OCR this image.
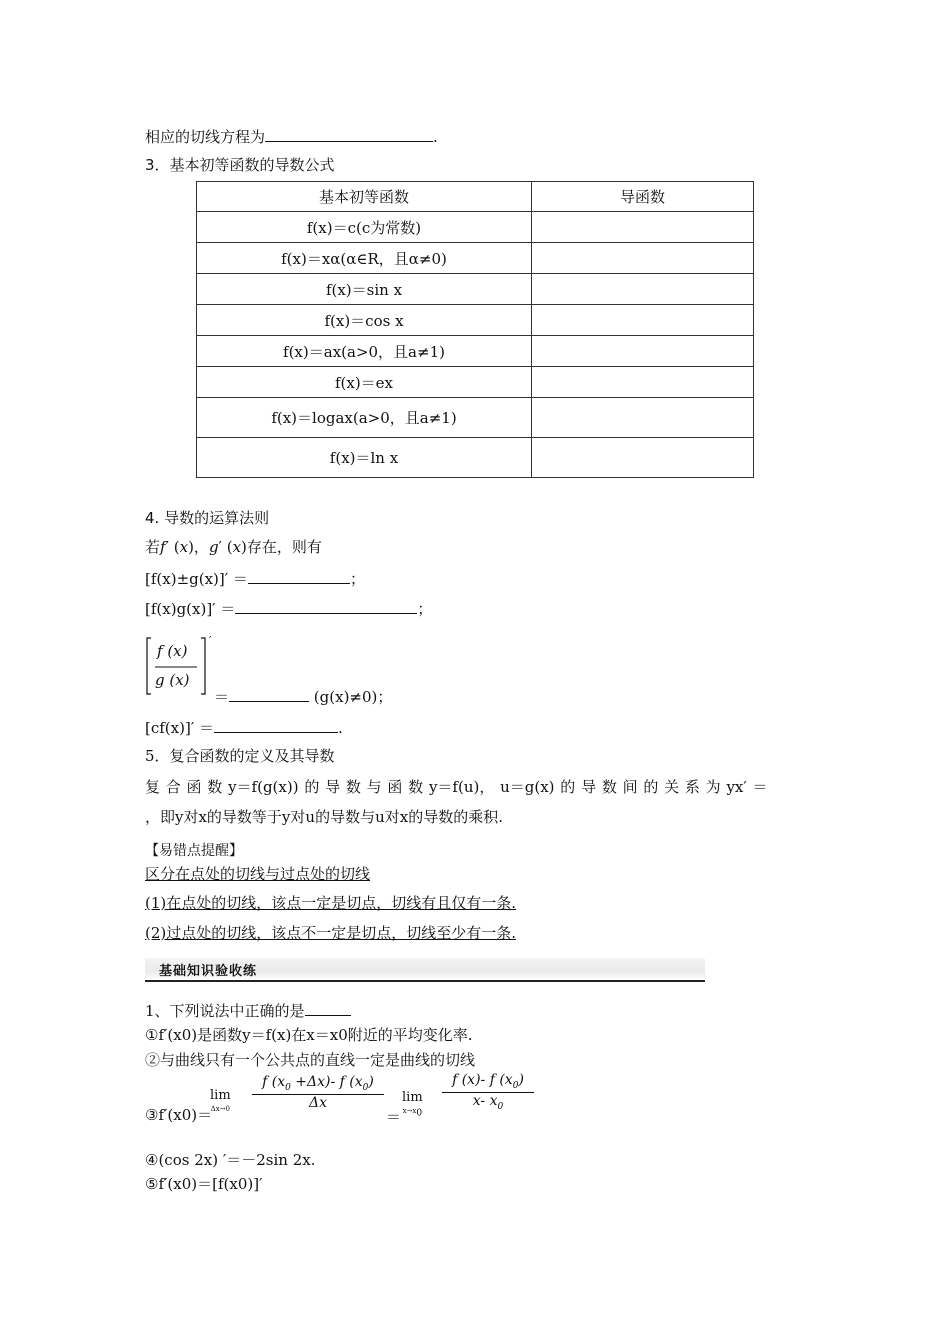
相应的切线方程为	.
3．基本初等函数的导数公式
基本初等函数	导函数
f(x)＝c(c为常数)	
f(x)＝xα(α∈R，且α≠0)	
f(x)＝sin x	
f(x)＝cos x	
f(x)＝ax(a>0，且a≠1)	
f(x)＝ex	
f(x)＝logax(a>0，且a≠1)	
f(x)＝ln x	
4. 导数的运算法则
若f′ (x)，g′ (x)存在，则有
[f(x)±g(x)]′ ＝	；
[f(x)g(x)]′ ＝	；
′
f (x)
g (x)
＝	(g(x)≠0)；
[cf(x)]′ ＝	.
5．复合函数的定义及其导数
复 合 函 数 y＝f(g(x)) 的 导 数 与 函 数 y＝f(u)， u＝g(x) 的 导 数 间 的 关 系 为 yx′ ＝
，即y对x的导数等于y对u的导数与u对x的导数的乘积.
【易错点提醒】
区分在点处的切线与过点处的切线
(1)在点处的切线，该点一定是切点，切线有且仅有一条.
(2)过点处的切线，该点不一定是切点，切线至少有一条.
基础知识验收练
1、下列说法中正确的是
①f′(x0)是函数y＝f(x)在x＝x0附近的平均变化率.
②与曲线只有一个公共点的直线一定是曲线的切线
③f′(x0)＝
lim
Δx→0
f $(x_0 +\Delta x)-$ f $(x_0)$
Δx
＝
lim
$x\to x_0$
f (x)- f $(x_0)$
x- $x_0$
④(cos 2x) ′＝－2sin 2x.
⑤f′(x0)＝[f(x0)]′
